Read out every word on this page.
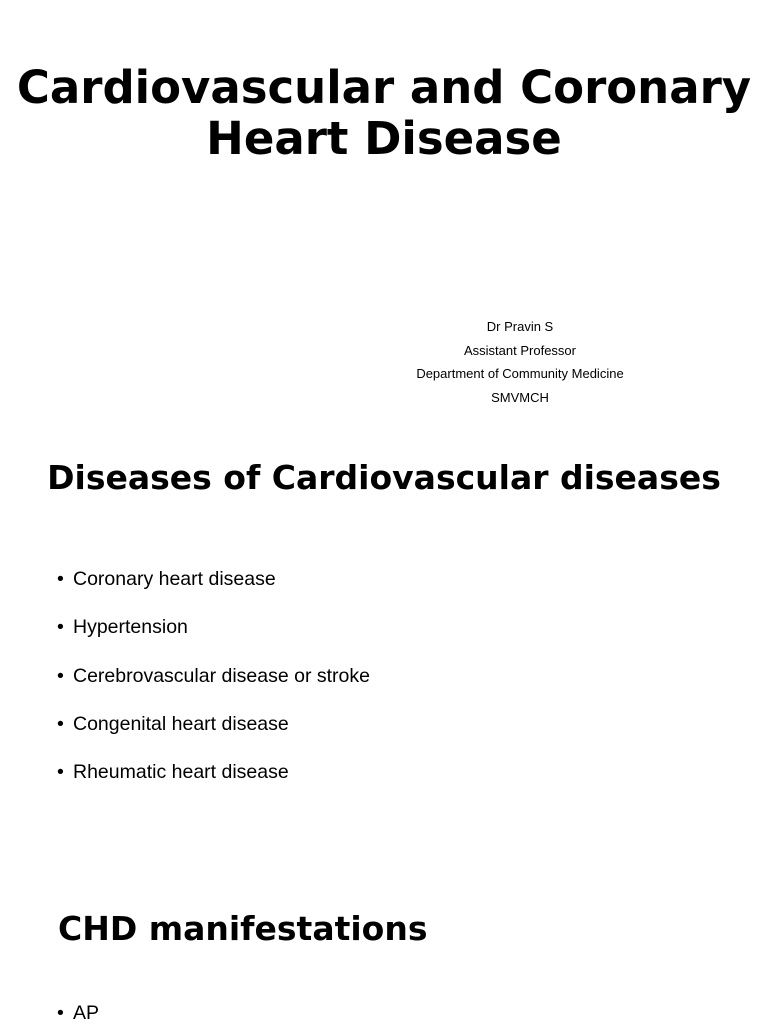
Cardiovascular and Coronary Heart Disease
Dr Pravin S
Assistant Professor
Department of Community Medicine
SMVMCH
Diseases of Cardiovascular diseases
• Coronary heart disease
• Hypertension
• Cerebrovascular disease or stroke
• Congenital heart disease
• Rheumatic heart disease
CHD manifestations
• AP
